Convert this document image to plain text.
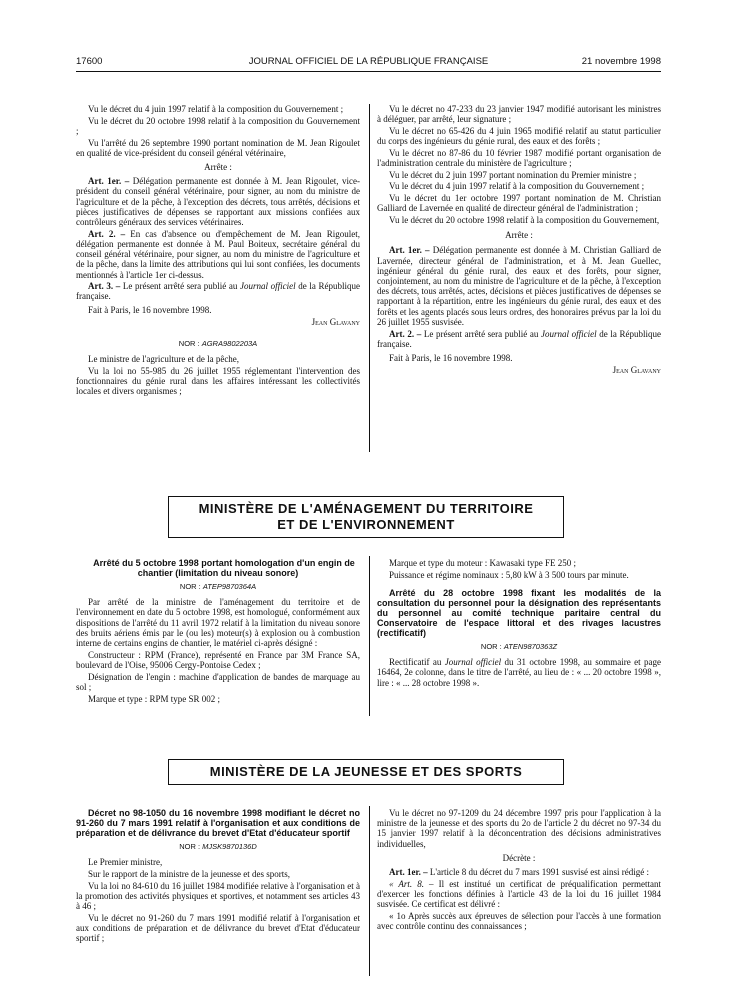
17600	JOURNAL OFFICIEL DE LA RÉPUBLIQUE FRANÇAISE	21 novembre 1998

Vu le décret du 4 juin 1997 relatif à la composition du Gouvernement ;

Vu le décret du 20 octobre 1998 relatif à la composition du Gouvernement ;

Vu l'arrêté du 26 septembre 1990 portant nomination de M. Jean Rigoulet en qualité de vice-président du conseil général vétérinaire,

Arrête :

Art. 1er. – Délégation permanente est donnée à M. Jean Rigoulet, vice-président du conseil général vétérinaire, pour signer, au nom du ministre de l'agriculture et de la pêche, à l'exception des décrets, tous arrêtés, décisions et pièces justificatives de dépenses se rapportant aux missions confiées aux contrôleurs généraux des services vétérinaires.

Art. 2. – En cas d'absence ou d'empêchement de M. Jean Rigoulet, délégation permanente est donnée à M. Paul Boiteux, secrétaire général du conseil général vétérinaire, pour signer, au nom du ministre de l'agriculture et de la pêche, dans la limite des attributions qui lui sont confiées, les documents mentionnés à l'article 1er ci-dessus.

Art. 3. – Le présent arrêté sera publié au Journal officiel de la République française.

Fait à Paris, le 16 novembre 1998.

Jean Glavany

NOR : AGRA9802203A

Le ministre de l'agriculture et de la pêche,

Vu la loi no 55-985 du 26 juillet 1955 réglementant l'intervention des fonctionnaires du génie rural dans les affaires intéressant les collectivités locales et divers organismes ;

Vu le décret no 47-233 du 23 janvier 1947 modifié autorisant les ministres à déléguer, par arrêté, leur signature ;

Vu le décret no 65-426 du 4 juin 1965 modifié relatif au statut particulier du corps des ingénieurs du génie rural, des eaux et des forêts ;

Vu le décret no 87-86 du 10 février 1987 modifié portant organisation de l'administration centrale du ministère de l'agriculture ;

Vu le décret du 2 juin 1997 portant nomination du Premier ministre ;

Vu le décret du 4 juin 1997 relatif à la composition du Gouvernement ;

Vu le décret du 1er octobre 1997 portant nomination de M. Christian Galliard de Lavernée en qualité de directeur général de l'administration ;

Vu le décret du 20 octobre 1998 relatif à la composition du Gouvernement,

Arrête :

Art. 1er. – Délégation permanente est donnée à M. Christian Galliard de Lavernée, directeur général de l'administration, et à M. Jean Guellec, ingénieur général du génie rural, des eaux et des forêts, pour signer, conjointement, au nom du ministre de l'agriculture et de la pêche, à l'exception des décrets, tous arrêtés, actes, décisions et pièces justificatives de dépenses se rapportant à la répartition, entre les ingénieurs du génie rural, des eaux et des forêts et les agents placés sous leurs ordres, des honoraires prévus par la loi du 26 juillet 1955 susvisée.

Art. 2. – Le présent arrêté sera publié au Journal officiel de la République française.

Fait à Paris, le 16 novembre 1998.

Jean Glavany

MINISTÈRE DE L'AMÉNAGEMENT DU TERRITOIRE
ET DE L'ENVIRONNEMENT

Arrêté du 5 octobre 1998 portant homologation d'un engin de chantier (limitation du niveau sonore)

NOR : ATEP9870364A

Par arrêté de la ministre de l'aménagement du territoire et de l'environnement en date du 5 octobre 1998, est homologué, conformément aux dispositions de l'arrêté du 11 avril 1972 relatif à la limitation du niveau sonore des bruits aériens émis par le (ou les) moteur(s) à explosion ou à combustion interne de certains engins de chantier, le matériel ci-après désigné :

Constructeur : RPM (France), représenté en France par 3M France SA, boulevard de l'Oise, 95006 Cergy-Pontoise Cedex ;

Désignation de l'engin : machine d'application de bandes de marquage au sol ;

Marque et type : RPM type SR 002 ;

Marque et type du moteur : Kawasaki type FE 250 ;

Puissance et régime nominaux : 5,80 kW à 3 500 tours par minute.

Arrêté du 28 octobre 1998 fixant les modalités de la consultation du personnel pour la désignation des représentants du personnel au comité technique paritaire central du Conservatoire de l'espace littoral et des rivages lacustres (rectificatif)

NOR : ATEN9870363Z

Rectificatif au Journal officiel du 31 octobre 1998, au sommaire et page 16464, 2e colonne, dans le titre de l'arrêté, au lieu de : « ... 20 octobre 1998 », lire : « ... 28 octobre 1998 ».

MINISTÈRE DE LA JEUNESSE ET DES SPORTS

Décret no 98-1050 du 16 novembre 1998 modifiant le décret no 91-260 du 7 mars 1991 relatif à l'organisation et aux conditions de préparation et de délivrance du brevet d'Etat d'éducateur sportif

NOR : MJSK9870136D

Le Premier ministre,

Sur le rapport de la ministre de la jeunesse et des sports,

Vu la loi no 84-610 du 16 juillet 1984 modifiée relative à l'organisation et à la promotion des activités physiques et sportives, et notamment ses articles 43 à 46 ;

Vu le décret no 91-260 du 7 mars 1991 modifié relatif à l'organisation et aux conditions de préparation et de délivrance du brevet d'Etat d'éducateur sportif ;

Vu le décret no 97-1209 du 24 décembre 1997 pris pour l'application à la ministre de la jeunesse et des sports du 2o de l'article 2 du décret no 97-34 du 15 janvier 1997 relatif à la déconcentration des décisions administratives individuelles,

Décrète :

Art. 1er. – L'article 8 du décret du 7 mars 1991 susvisé est ainsi rédigé :

« Art. 8. – Il est institué un certificat de préqualification permettant d'exercer les fonctions définies à l'article 43 de la loi du 16 juillet 1984 susvisée. Ce certificat est délivré :

« 1o Après succès aux épreuves de sélection pour l'accès à une formation avec contrôle continu des connaissances ;
